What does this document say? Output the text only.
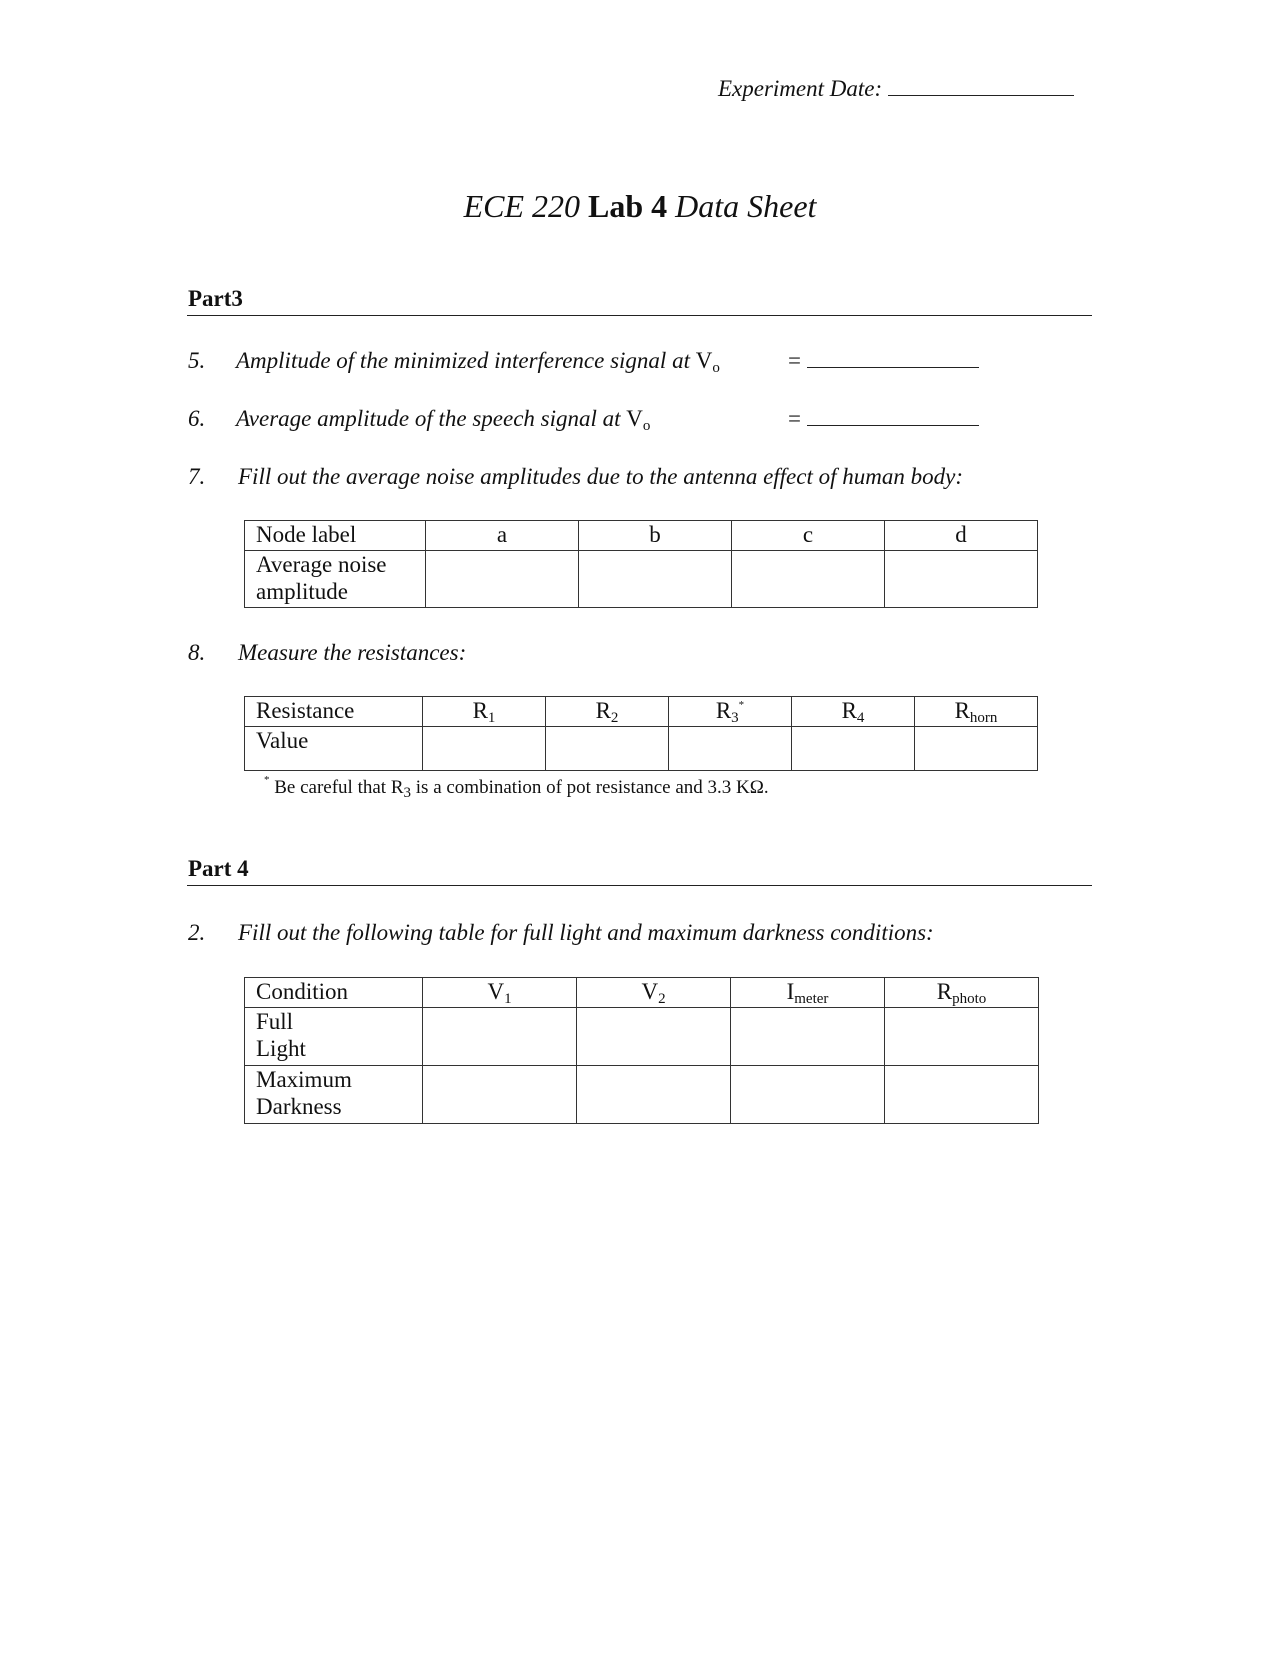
Experiment Date:
ECE 220 Lab 4 Data Sheet
Part3
5. Amplitude of the minimized interference signal at $V_o$	=
6. Average amplitude of the speech signal at $V_o$	=
7. Fill out the average noise amplitudes due to the antenna effect of human body:
Node label	a	b	c	d
Average noise
amplitude				
8. Measure the resistances:
Resistance	$R_1$	$R_2$	$R_3^*$	$R_4$	$R_{horn}$
Value					
* Be careful that $R_3$ is a combination of pot resistance and 3.3 KΩ.
Part 4
2. Fill out the following table for full light and maximum darkness conditions:
Condition	$V_1$	$V_2$	$I_{meter}$	$R_{photo}$
Full
Light				
Maximum
Darkness				
